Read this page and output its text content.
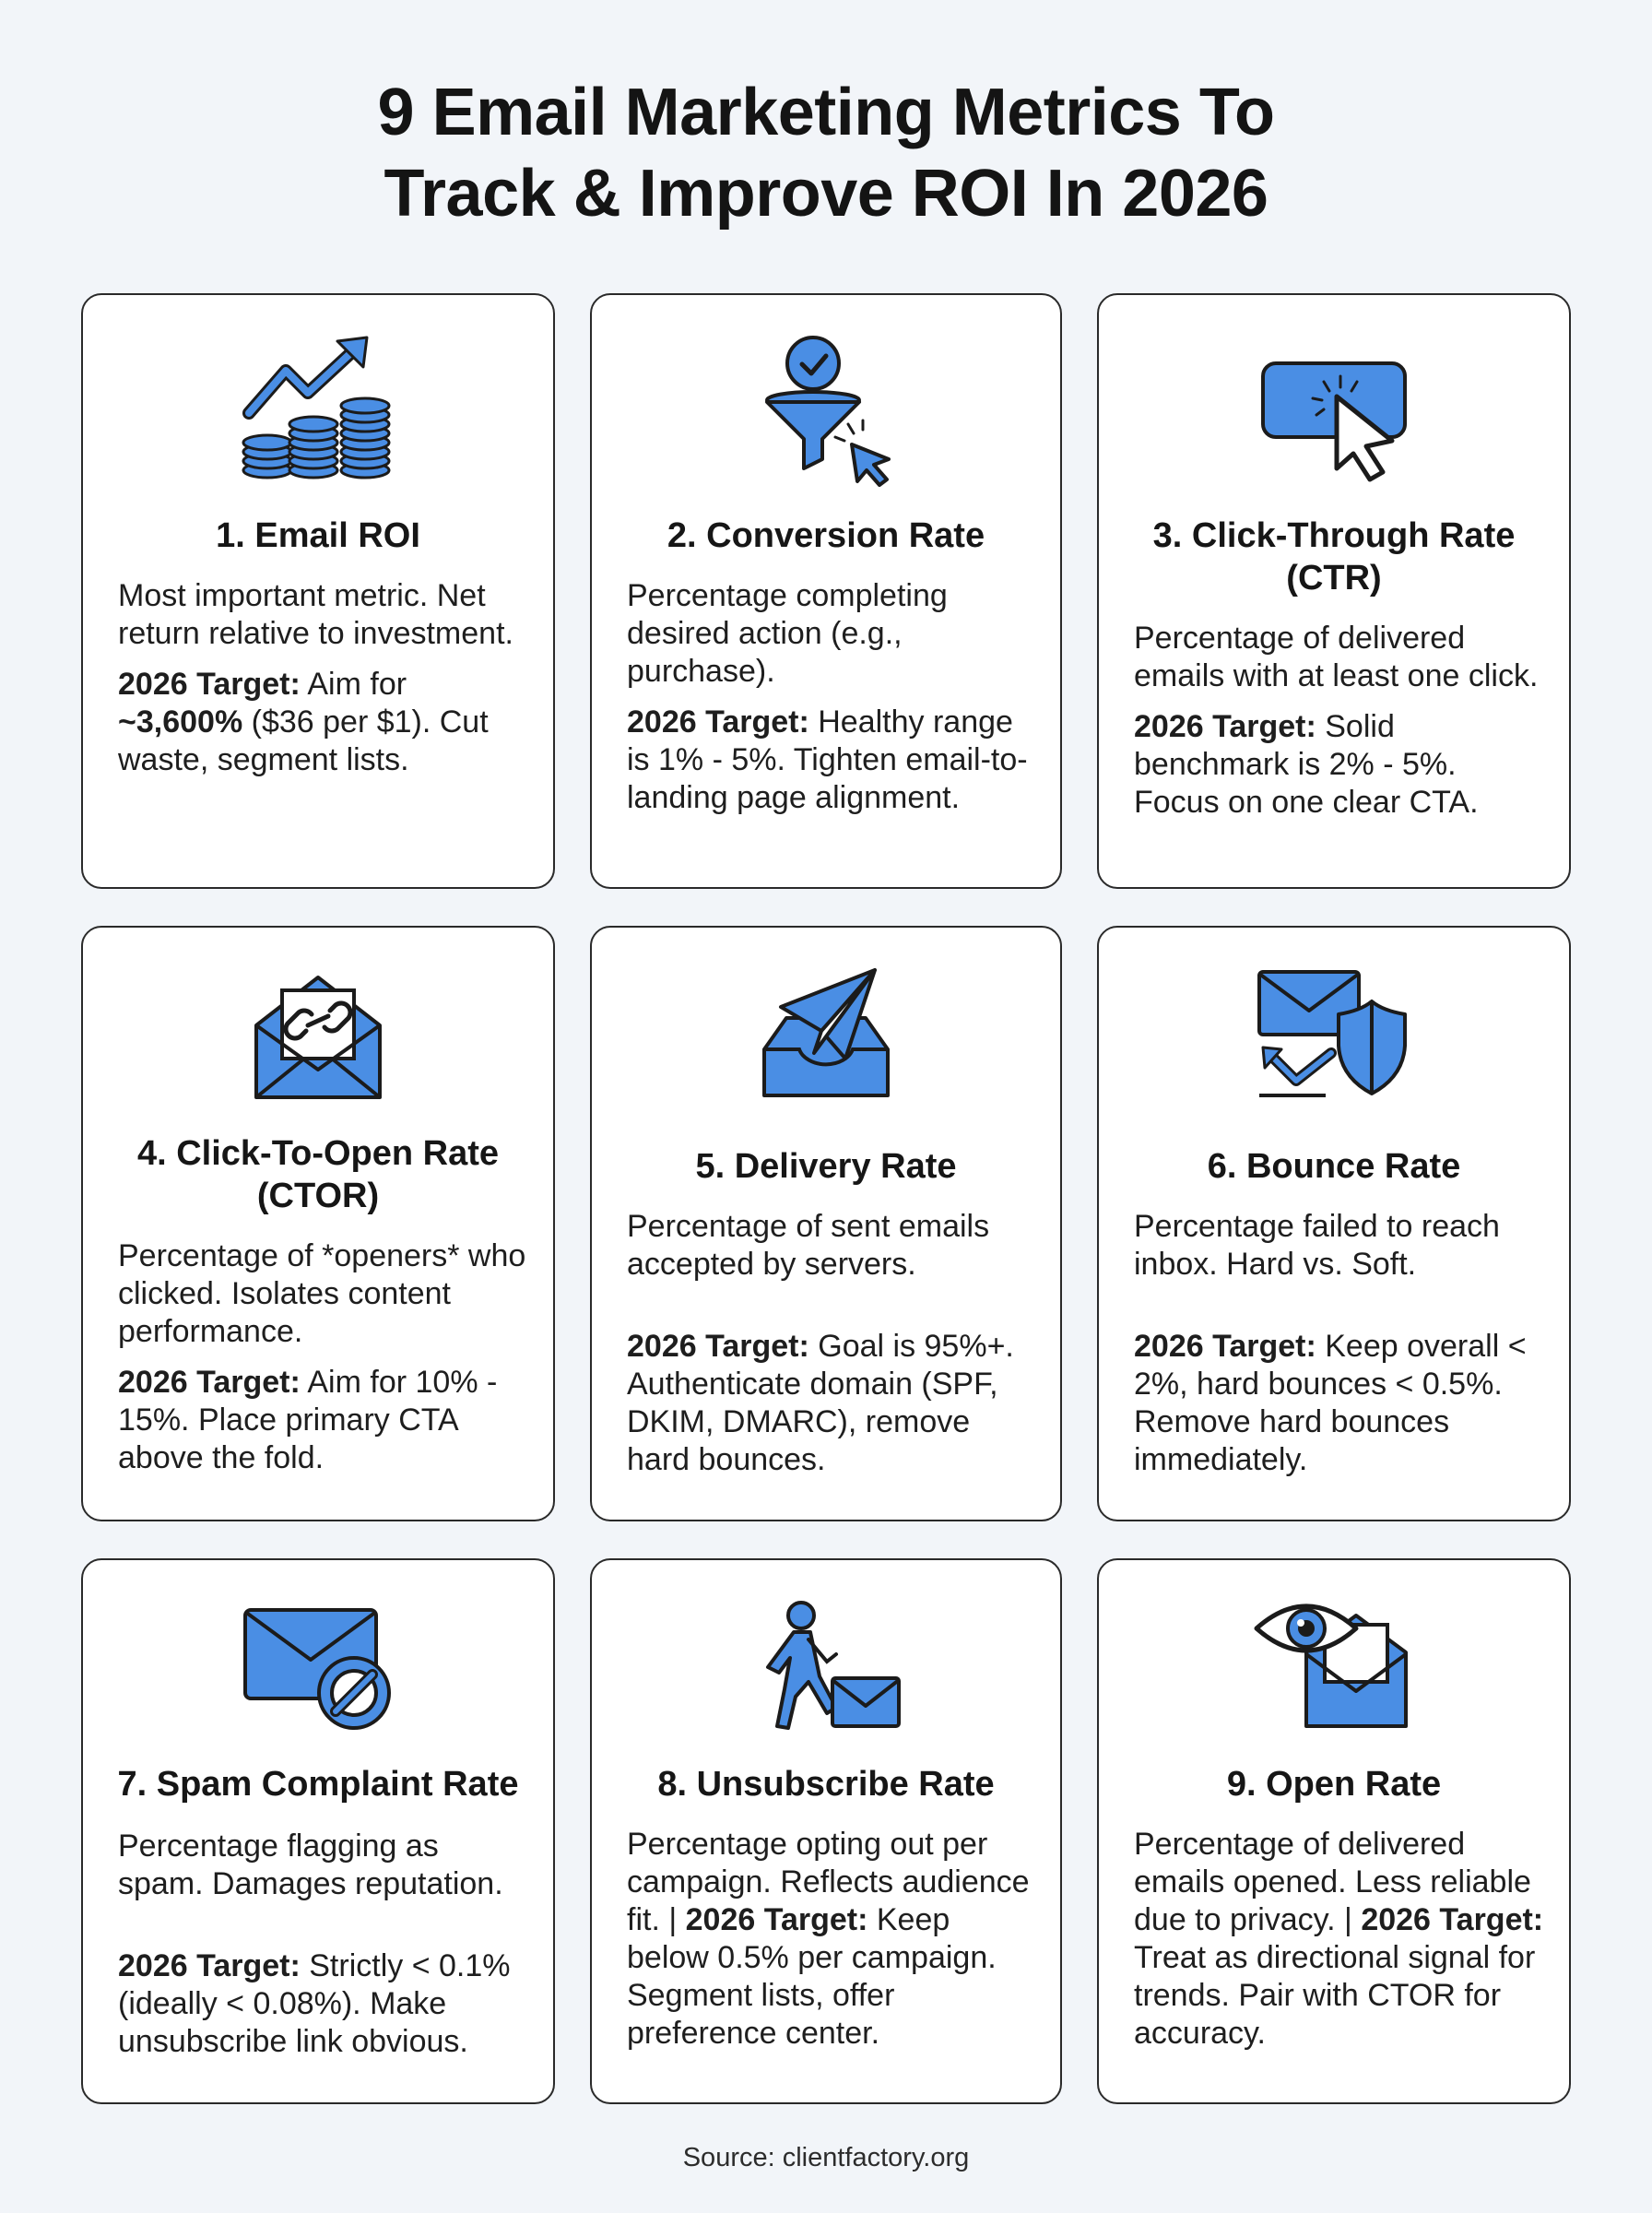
9 Email Marketing Metrics To
Track & Improve ROI In 2026
1. Email ROI

Most important metric. Net return relative to investment.

2026 Target: Aim for ~3,600% ($36 per $1). Cut waste, segment lists.

2. Conversion Rate

Percentage completing desired action (e.g., purchase).

2026 Target: Healthy range is 1% - 5%. Tighten email-to-landing page alignment.

3. Click-Through Rate (CTR)

Percentage of delivered emails with at least one click.

2026 Target: Solid benchmark is 2% - 5%. Focus on one clear CTA.

4. Click-To-Open Rate (CTOR)

Percentage of *openers* who clicked. Isolates content performance.

2026 Target: Aim for 10% - 15%. Place primary CTA above the fold.

5. Delivery Rate

Percentage of sent emails accepted by servers.

2026 Target: Goal is 95%+. Authenticate domain (SPF, DKIM, DMARC), remove hard bounces.

6. Bounce Rate

Percentage failed to reach inbox. Hard vs. Soft.

2026 Target: Keep overall < 2%, hard bounces < 0.5%. Remove hard bounces immediately.

7. Spam Complaint Rate

Percentage flagging as spam. Damages reputation.

2026 Target: Strictly < 0.1% (ideally < 0.08%). Make unsubscribe link obvious.

8. Unsubscribe Rate

Percentage opting out per campaign. Reflects audience fit. | 2026 Target: Keep below 0.5% per campaign. Segment lists, offer preference center.

9. Open Rate

Percentage of delivered emails opened. Less reliable due to privacy. | 2026 Target: Treat as directional signal for trends. Pair with CTOR for accuracy.

Source: clientfactory.org
